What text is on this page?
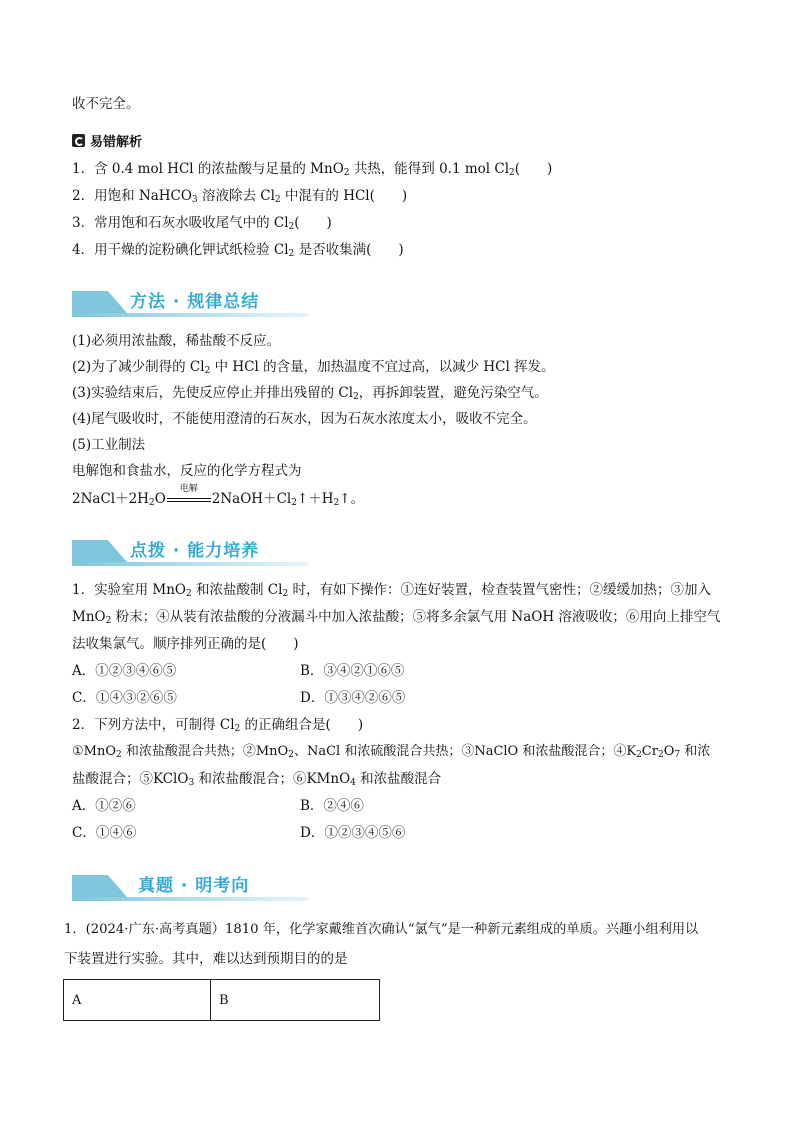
收不完全。
易错解析
1．含 0.4 mol HCl 的浓盐酸与足量的 MnO$_2$ 共热，能得到 0.1 mol $Cl_2$(　　)
2．用饱和 NaHCO$_3$ 溶液除去 $Cl_2$ 中混有的 HCl(　　)
3．常用饱和石灰水吸收尾气中的 $Cl_2$(　　)
4．用干燥的淀粉碘化钾试纸检验 $Cl_2$ 是否收集满(　　)
方法 · 规律总结
(1)必须用浓盐酸，稀盐酸不反应。
(2)为了减少制得的 $Cl_2$ 中 HCl 的含量，加热温度不宜过高，以减少 HCl 挥发。
(3)实验结束后，先使反应停止并排出残留的 $Cl_2$，再拆卸装置，避免污染空气。
(4)尾气吸收时，不能使用澄清的石灰水，因为石灰水浓度太小，吸收不完全。
(5)工业制法
电解饱和食盐水，反应的化学方程式为
$2NaCl+2H_2O$
电解
$2NaOH+Cl_2↑+H_2↑$。
点拨 · 能力培养
1．实验室用 MnO$_2$ 和浓盐酸制 $Cl_2$ 时，有如下操作：①连好装置，检查装置气密性；②缓缓加热；③加入
MnO$_2$ 粉末；④从装有浓盐酸的分液漏斗中加入浓盐酸；⑤将多余氯气用 NaOH 溶液吸收；⑥用向上排空气
法收集氯气。顺序排列正确的是(　　)
A．①②③④⑥⑤	B．③④②①⑥⑤
C．①④③②⑥⑤	D．①③④②⑥⑤
2．下列方法中，可制得 $Cl_2$ 的正确组合是(　　)
①MnO$_2$ 和浓盐酸混合共热；②MnO$_2$、NaCl 和浓硫酸混合共热；③NaClO 和浓盐酸混合；$④K_2Cr_2O_7$ 和浓
盐酸混合；⑤KClO$_3$ 和浓盐酸混合；⑥KMnO$_4$ 和浓盐酸混合
A．①②⑥	B．②④⑥
C．①④⑥	D．①②③④⑤⑥
真题 · 明考向
1．(2024·广东·高考真题）1810 年，化学家戴维首次确认“氯气”是一种新元素组成的单质。兴趣小组利用以
下装置进行实验。其中，难以达到预期目的的是
A	B
